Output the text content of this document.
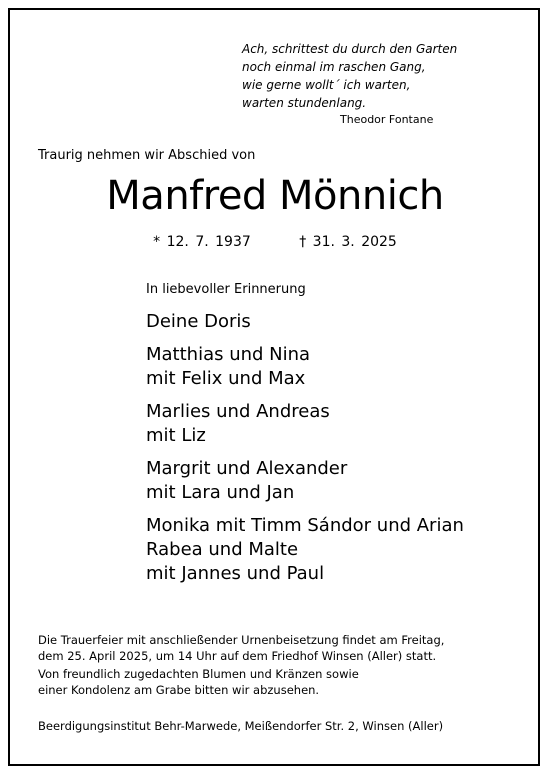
Ach, schrittest du durch den Garten
noch einmal im raschen Gang,
wie gerne wollt´ ich warten,
warten stundenlang.
Theodor Fontane
Traurig nehmen wir Abschied von
Manfred Mönnich
* 12. 7. 1937	† 31. 3. 2025
In liebevoller Erinnerung
Deine Doris
Matthias und Nina
mit Felix und Max
Marlies und Andreas
mit Liz
Margrit und Alexander
mit Lara und Jan
Monika mit Timm Sándor und Arian
Rabea und Malte
mit Jannes und Paul
Die Trauerfeier mit anschließender Urnenbeisetzung findet am Freitag,
dem 25. April 2025, um 14 Uhr auf dem Friedhof Winsen (Aller) statt.
Von freundlich zugedachten Blumen und Kränzen sowie
einer Kondolenz am Grabe bitten wir abzusehen.
Beerdigungsinstitut Behr-Marwede, Meißendorfer Str. 2, Winsen (Aller)
